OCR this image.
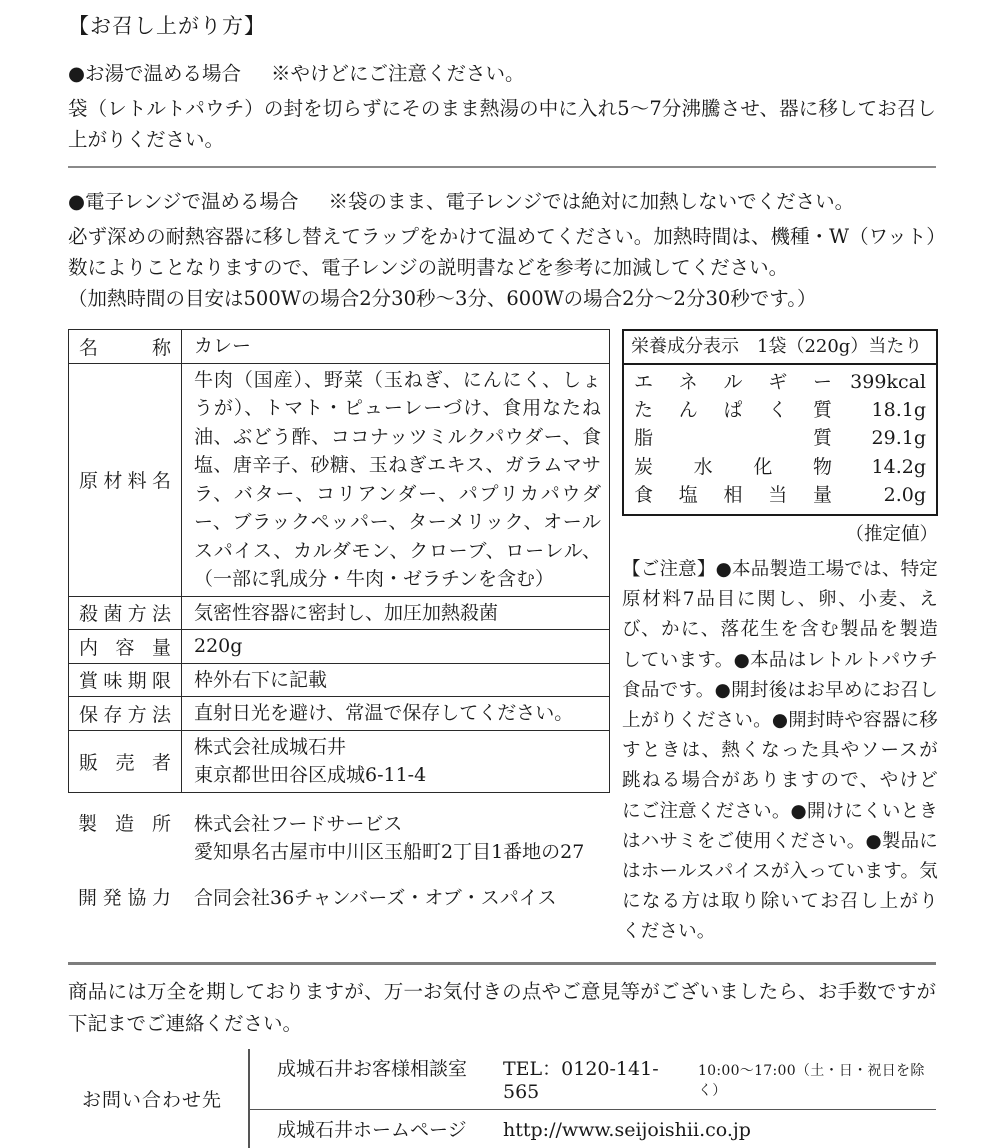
【お召し上がり方】
●お湯で温める場合 ※やけどにご注意ください。
袋（レトルトパウチ）の封を切らずにそのまま熱湯の中に入れ5～7分沸騰させ、器に移してお召し上がりください。
●電子レンジで温める場合 ※袋のまま、電子レンジでは絶対に加熱しないでください。
必ず深めの耐熱容器に移し替えてラップをかけて温めてください。加熱時間は、機種・W（ワット）数によりことなりますので、電子レンジの説明書などを参考に加減してください。
（加熱時間の目安は500Wの場合2分30秒～3分、600Wの場合2分～2分30秒です。）
名称	カレー
原材料名	牛肉（国産）、野菜（玉ねぎ、にんにく、しょうが）、トマト・ピューレーづけ、食用なたね油、ぶどう酢、ココナッツミルクパウダー、食塩、唐辛子、砂糖、玉ねぎエキス、ガラムマサラ、バター、コリアンダー、パプリカパウダー、ブラックペッパー、ターメリック、オールスパイス、カルダモン、クローブ、ローレル、（一部に乳成分・牛肉・ゼラチンを含む）
殺菌方法	気密性容器に密封し、加圧加熱殺菌
内容量	220g
賞味期限	枠外右下に記載
保存方法	直射日光を避け、常温で保存してください。
販売者	株式会社成城石井
東京都世田谷区成城6-11-4
製造所	株式会社フードサービス
愛知県名古屋市中川区玉船町2丁目1番地の27
開発協力	合同会社36チャンバーズ・オブ・スパイス
栄養成分表示　1袋（220g）当たり
エネルギー 399kcal
たんぱく質	18.1g
脂質	29.1g
炭水化物	14.2g
食塩相当量	2.0g
（推定値）
【ご注意】●本品製造工場では、特定原材料7品目に関し、卵、小麦、えび、かに、落花生を含む製品を製造しています。●本品はレトルトパウチ食品です。●開封後はお早めにお召し上がりください。●開封時や容器に移すときは、熱くなった具やソースが跳ねる場合がありますので、やけどにご注意ください。●開けにくいときはハサミをご使用ください。●製品にはホールスパイスが入っています。気になる方は取り除いてお召し上がりください。
商品には万全を期しておりますが、万一お気付きの点やご意見等がございましたら、お手数ですが下記までご連絡ください。
お問い合わせ先
成城石井お客様相談室	TEL：0120-141-565
10:00～17:00（土・日・祝日を除く）
成城石井ホームページ	http://www.seijoishii.co.jp
